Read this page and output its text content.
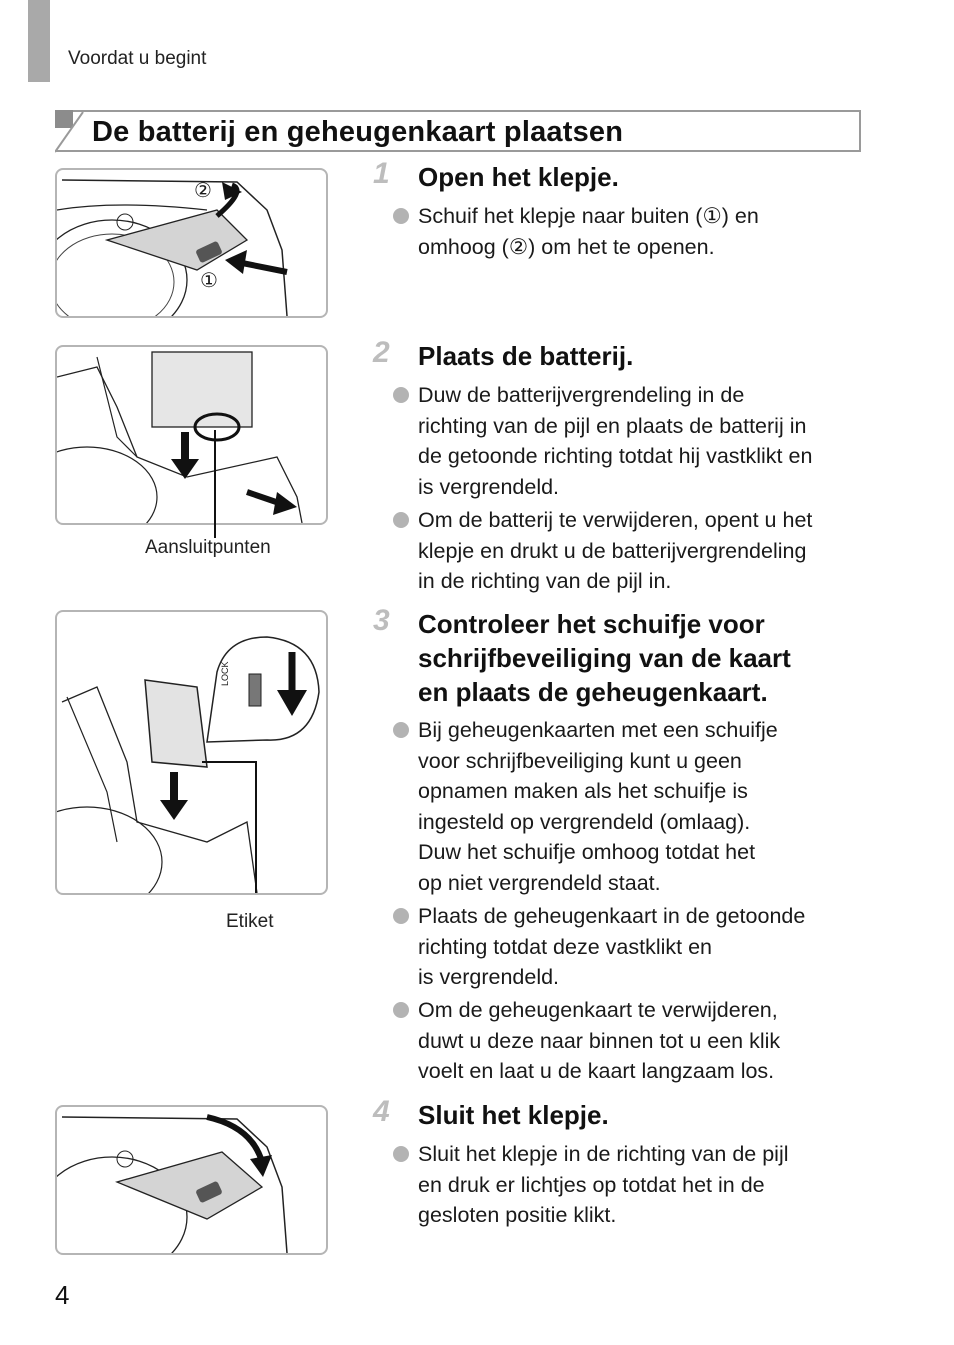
Voordat u begint
De batterij en geheugenkaart plaatsen
②
①
Aansluitpunten
LOCK
Etiket
1 Open het klepje.
Schuif het klepje naar buiten (①) en
omhoog (②) om het te openen.
2 Plaats de batterij.
Duw de batterijvergrendeling in de
richting van de pijl en plaats de batterij in
de getoonde richting totdat hij vastklikt en
is vergrendeld.
Om de batterij te verwijderen, opent u het
klepje en drukt u de batterijvergrendeling
in de richting van de pijl in.
3 Controleer het schuifje voor
schrijfbeveiliging van de kaart
en plaats de geheugenkaart.
Bij geheugenkaarten met een schuifje
voor schrijfbeveiliging kunt u geen
opnamen maken als het schuifje is
ingesteld op vergrendeld (omlaag).
Duw het schuifje omhoog totdat het
op niet vergrendeld staat.
Plaats de geheugenkaart in de getoonde
richting totdat deze vastklikt en
is vergrendeld.
Om de geheugenkaart te verwijderen,
duwt u deze naar binnen tot u een klik
voelt en laat u de kaart langzaam los.
4 Sluit het klepje.
Sluit het klepje in de richting van de pijl
en druk er lichtjes op totdat het in de
gesloten positie klikt.
4
